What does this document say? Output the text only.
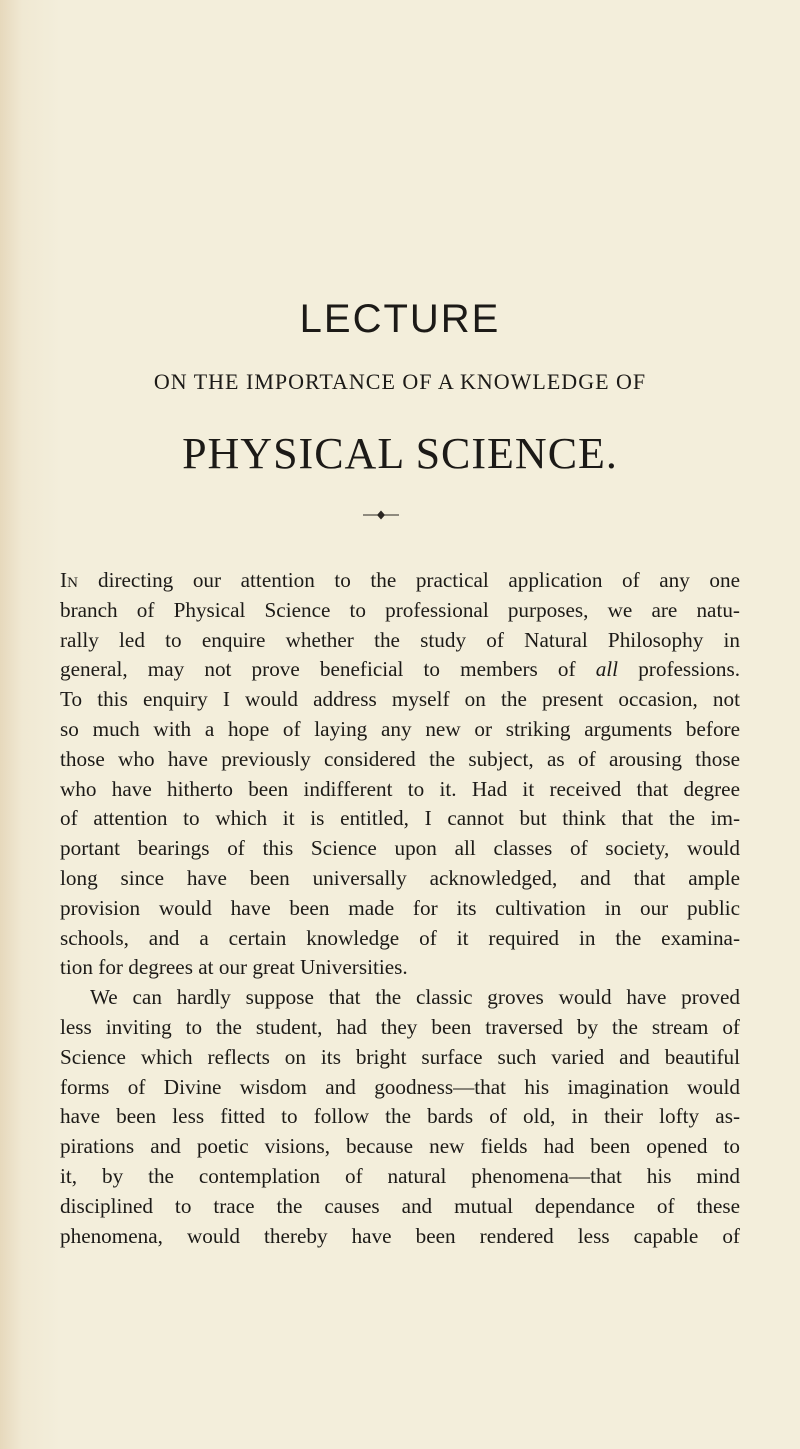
LECTURE
ON THE IMPORTANCE OF A KNOWLEDGE OF
PHYSICAL SCIENCE.
IN directing our attention to the practical application of any one
branch of Physical Science to professional purposes, we are natu-
rally led to enquire whether the study of Natural Philosophy in
general, may not prove beneficial to members of all professions.
To this enquiry I would address myself on the present occasion, not
so much with a hope of laying any new or striking arguments before
those who have previously considered the subject, as of arousing those
who have hitherto been indifferent to it. Had it received that degree
of attention to which it is entitled, I cannot but think that the im-
portant bearings of this Science upon all classes of society, would
long since have been universally acknowledged, and that ample
provision would have been made for its cultivation in our public
schools, and a certain knowledge of it required in the examina-
tion for degrees at our great Universities.
We can hardly suppose that the classic groves would have proved
less inviting to the student, had they been traversed by the stream of
Science which reflects on its bright surface such varied and beautiful
forms of Divine wisdom and goodness—that his imagination would
have been less fitted to follow the bards of old, in their lofty as-
pirations and poetic visions, because new fields had been opened to
it, by the contemplation of natural phenomena—that his mind
disciplined to trace the causes and mutual dependance of these
phenomena, would thereby have been rendered less capable of
